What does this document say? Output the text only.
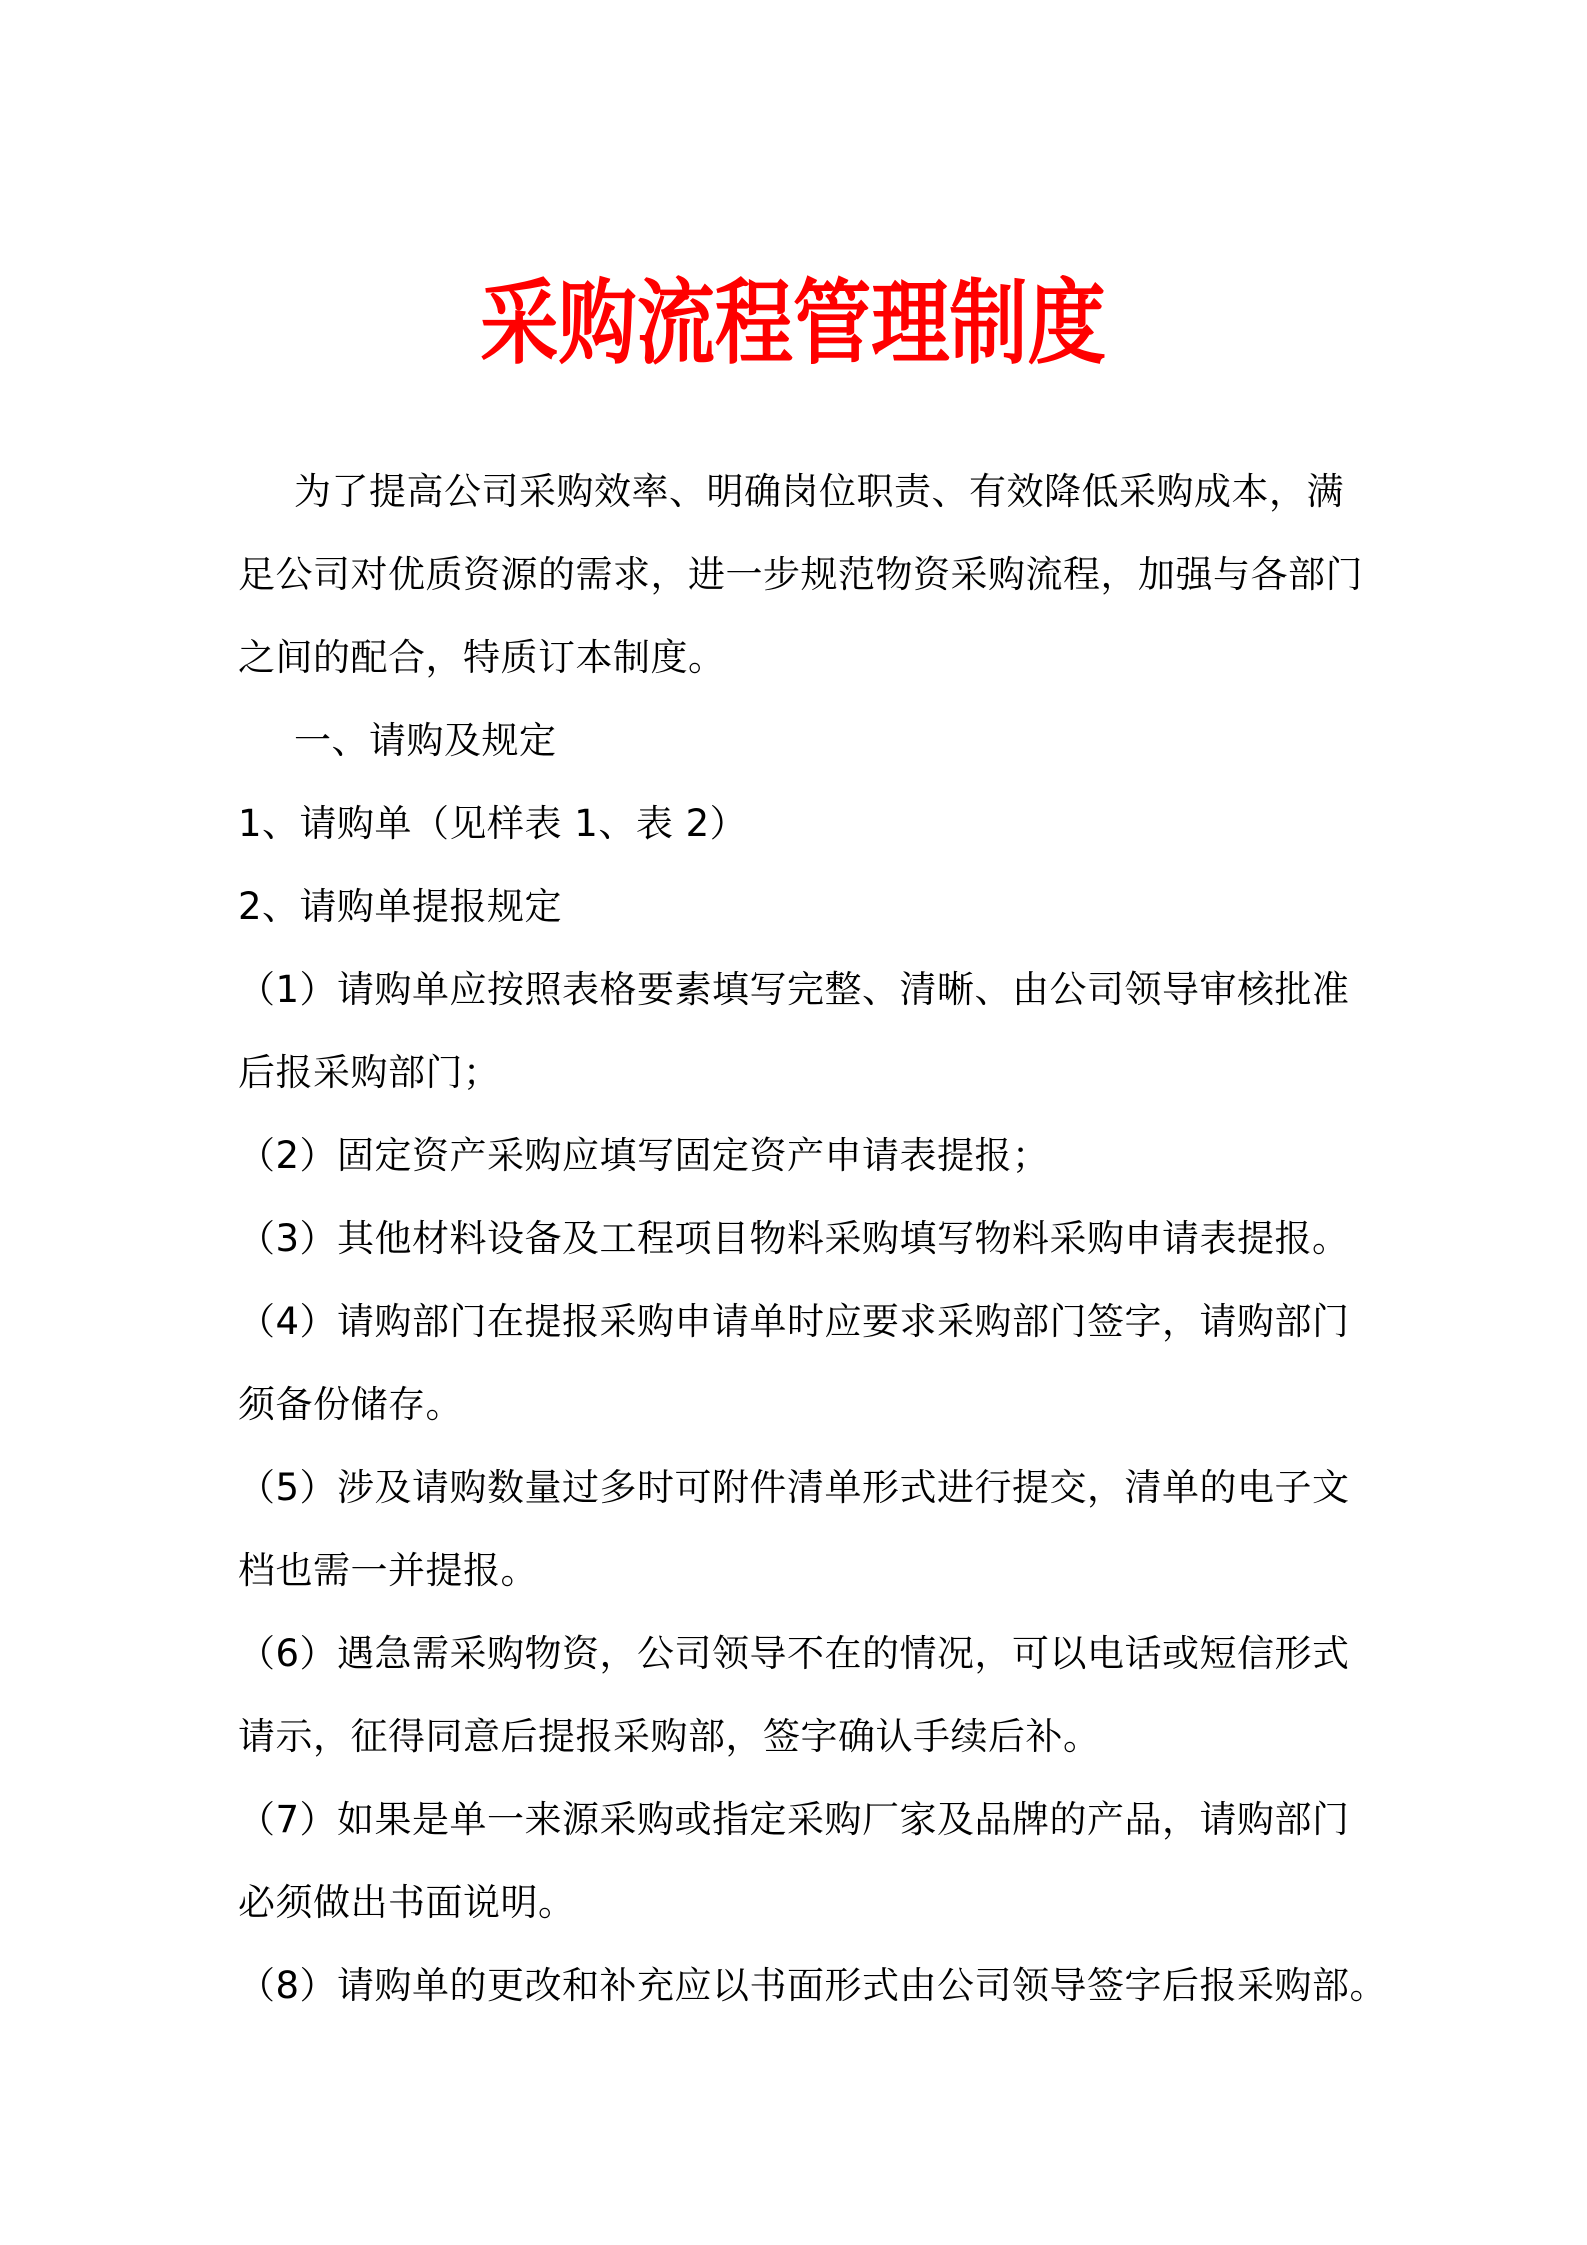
采购流程管理制度
为了提高公司采购效率、明确岗位职责、有效降低采购成本，满
足公司对优质资源的需求，进一步规范物资采购流程，加强与各部门
之间的配合，特质订本制度。
一、请购及规定
1、请购单（见样表 1、表 2）
2、请购单提报规定
（1）请购单应按照表格要素填写完整、清晰、由公司领导审核批准
后报采购部门；
（2）固定资产采购应填写固定资产申请表提报；
（3）其他材料设备及工程项目物料采购填写物料采购申请表提报。
（4）请购部门在提报采购申请单时应要求采购部门签字，请购部门
须备份储存。
（5）涉及请购数量过多时可附件清单形式进行提交，清单的电子文
档也需一并提报。
（6）遇急需采购物资，公司领导不在的情况，可以电话或短信形式
请示，征得同意后提报采购部，签字确认手续后补。
（7）如果是单一来源采购或指定采购厂家及品牌的产品，请购部门
必须做出书面说明。
（8）请购单的更改和补充应以书面形式由公司领导签字后报采购部。
